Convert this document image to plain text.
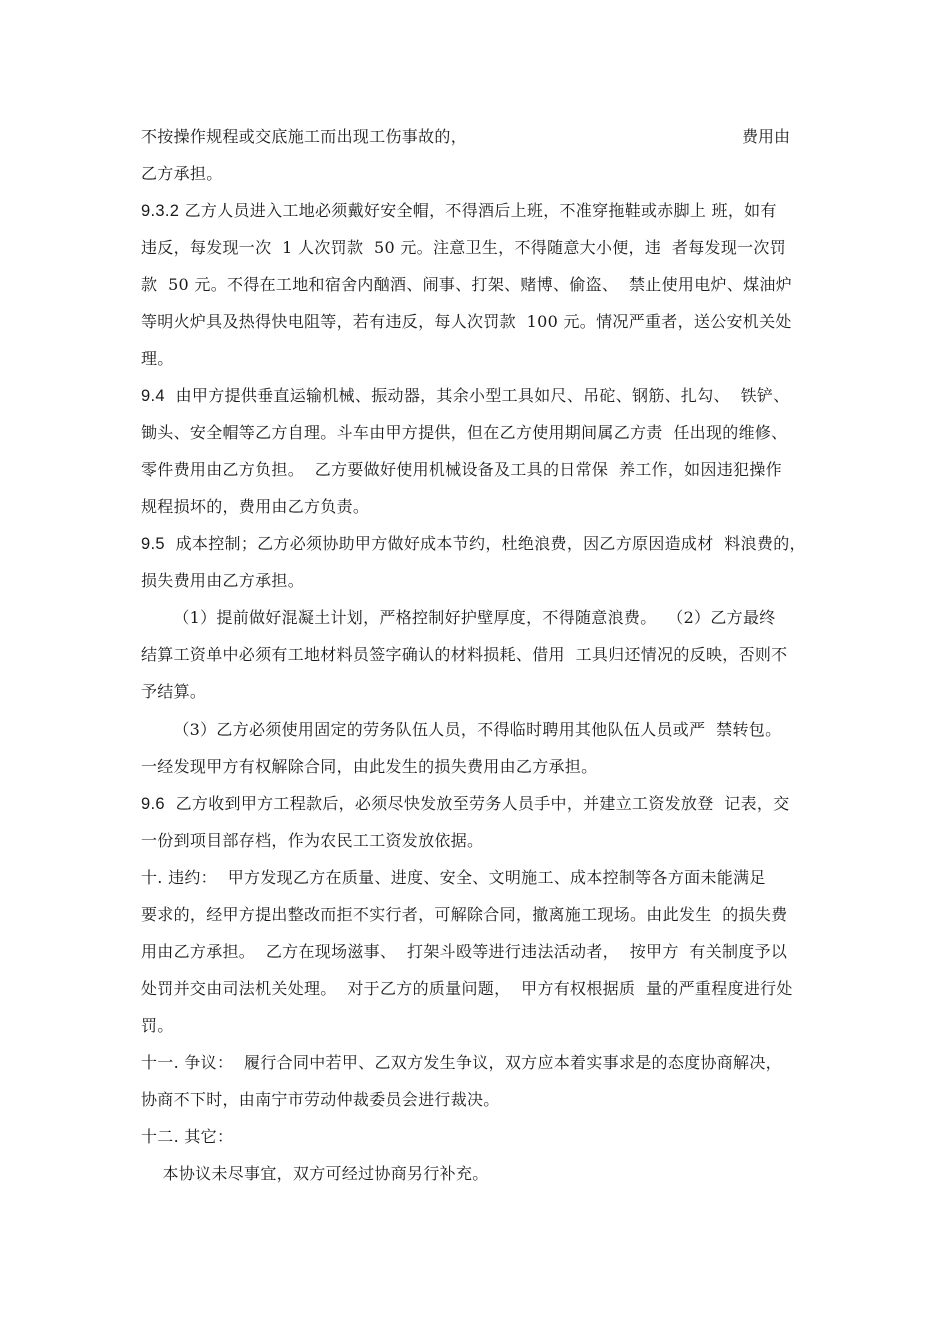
不按操作规程或交底施工而出现工伤事故的，	费用由
乙方承担。
9.3.2 乙方人员进入工地必须戴好安全帽，不得酒后上班，不准穿拖鞋或赤脚上 班，如有
违反，每发现一次  1 人次罚款  50 元。注意卫生，不得随意大小便，违  者每发现一次罚
款  50 元。不得在工地和宿舍内酗酒、闹事、打架、赌博、偷盗、  禁止使用电炉、煤油炉
等明火炉具及热得快电阻等，若有违反，每人次罚款  100 元。情况严重者，送公安机关处
理。
9.4  由甲方提供垂直运输机械、振动器，其余小型工具如尺、吊砣、钢筋、扎勾、  铁铲、
锄头、安全帽等乙方自理。斗车由甲方提供，但在乙方使用期间属乙方责  任出现的维修、
零件费用由乙方负担。  乙方要做好使用机械设备及工具的日常保  养工作，如因违犯操作
规程损坏的，费用由乙方负责。
9.5  成本控制；乙方必须协助甲方做好成本节约，杜绝浪费，因乙方原因造成材  料浪费的，
损失费用由乙方承担。
（1）提前做好混凝土计划，严格控制好护壁厚度，不得随意浪费。  （2）乙方最终
结算工资单中必须有工地材料员签字确认的材料损耗、借用  工具归还情况的反映，否则不
予结算。
（3）乙方必须使用固定的劳务队伍人员，不得临时聘用其他队伍人员或严  禁转包。
一经发现甲方有权解除合同，由此发生的损失费用由乙方承担。
9.6  乙方收到甲方工程款后，必须尽快发放至劳务人员手中，并建立工资发放登  记表，交
一份到项目部存档，作为农民工工资发放依据。
十. 违约：  甲方发现乙方在质量、进度、安全、文明施工、成本控制等各方面未能满足
要求的，经甲方提出整改而拒不实行者，可解除合同，撤离施工现场。由此发生  的损失费
用由乙方承担。  乙方在现场滋事、  打架斗殴等进行违法活动者，  按甲方  有关制度予以
处罚并交由司法机关处理。  对于乙方的质量问题，  甲方有权根据质  量的严重程度进行处
罚。
十一. 争议：  履行合同中若甲、乙双方发生争议，双方应本着实事求是的态度协商解决，
协商不下时，由南宁市劳动仲裁委员会进行裁决。
十二. 其它：
本协议未尽事宜，双方可经过协商另行补充。
